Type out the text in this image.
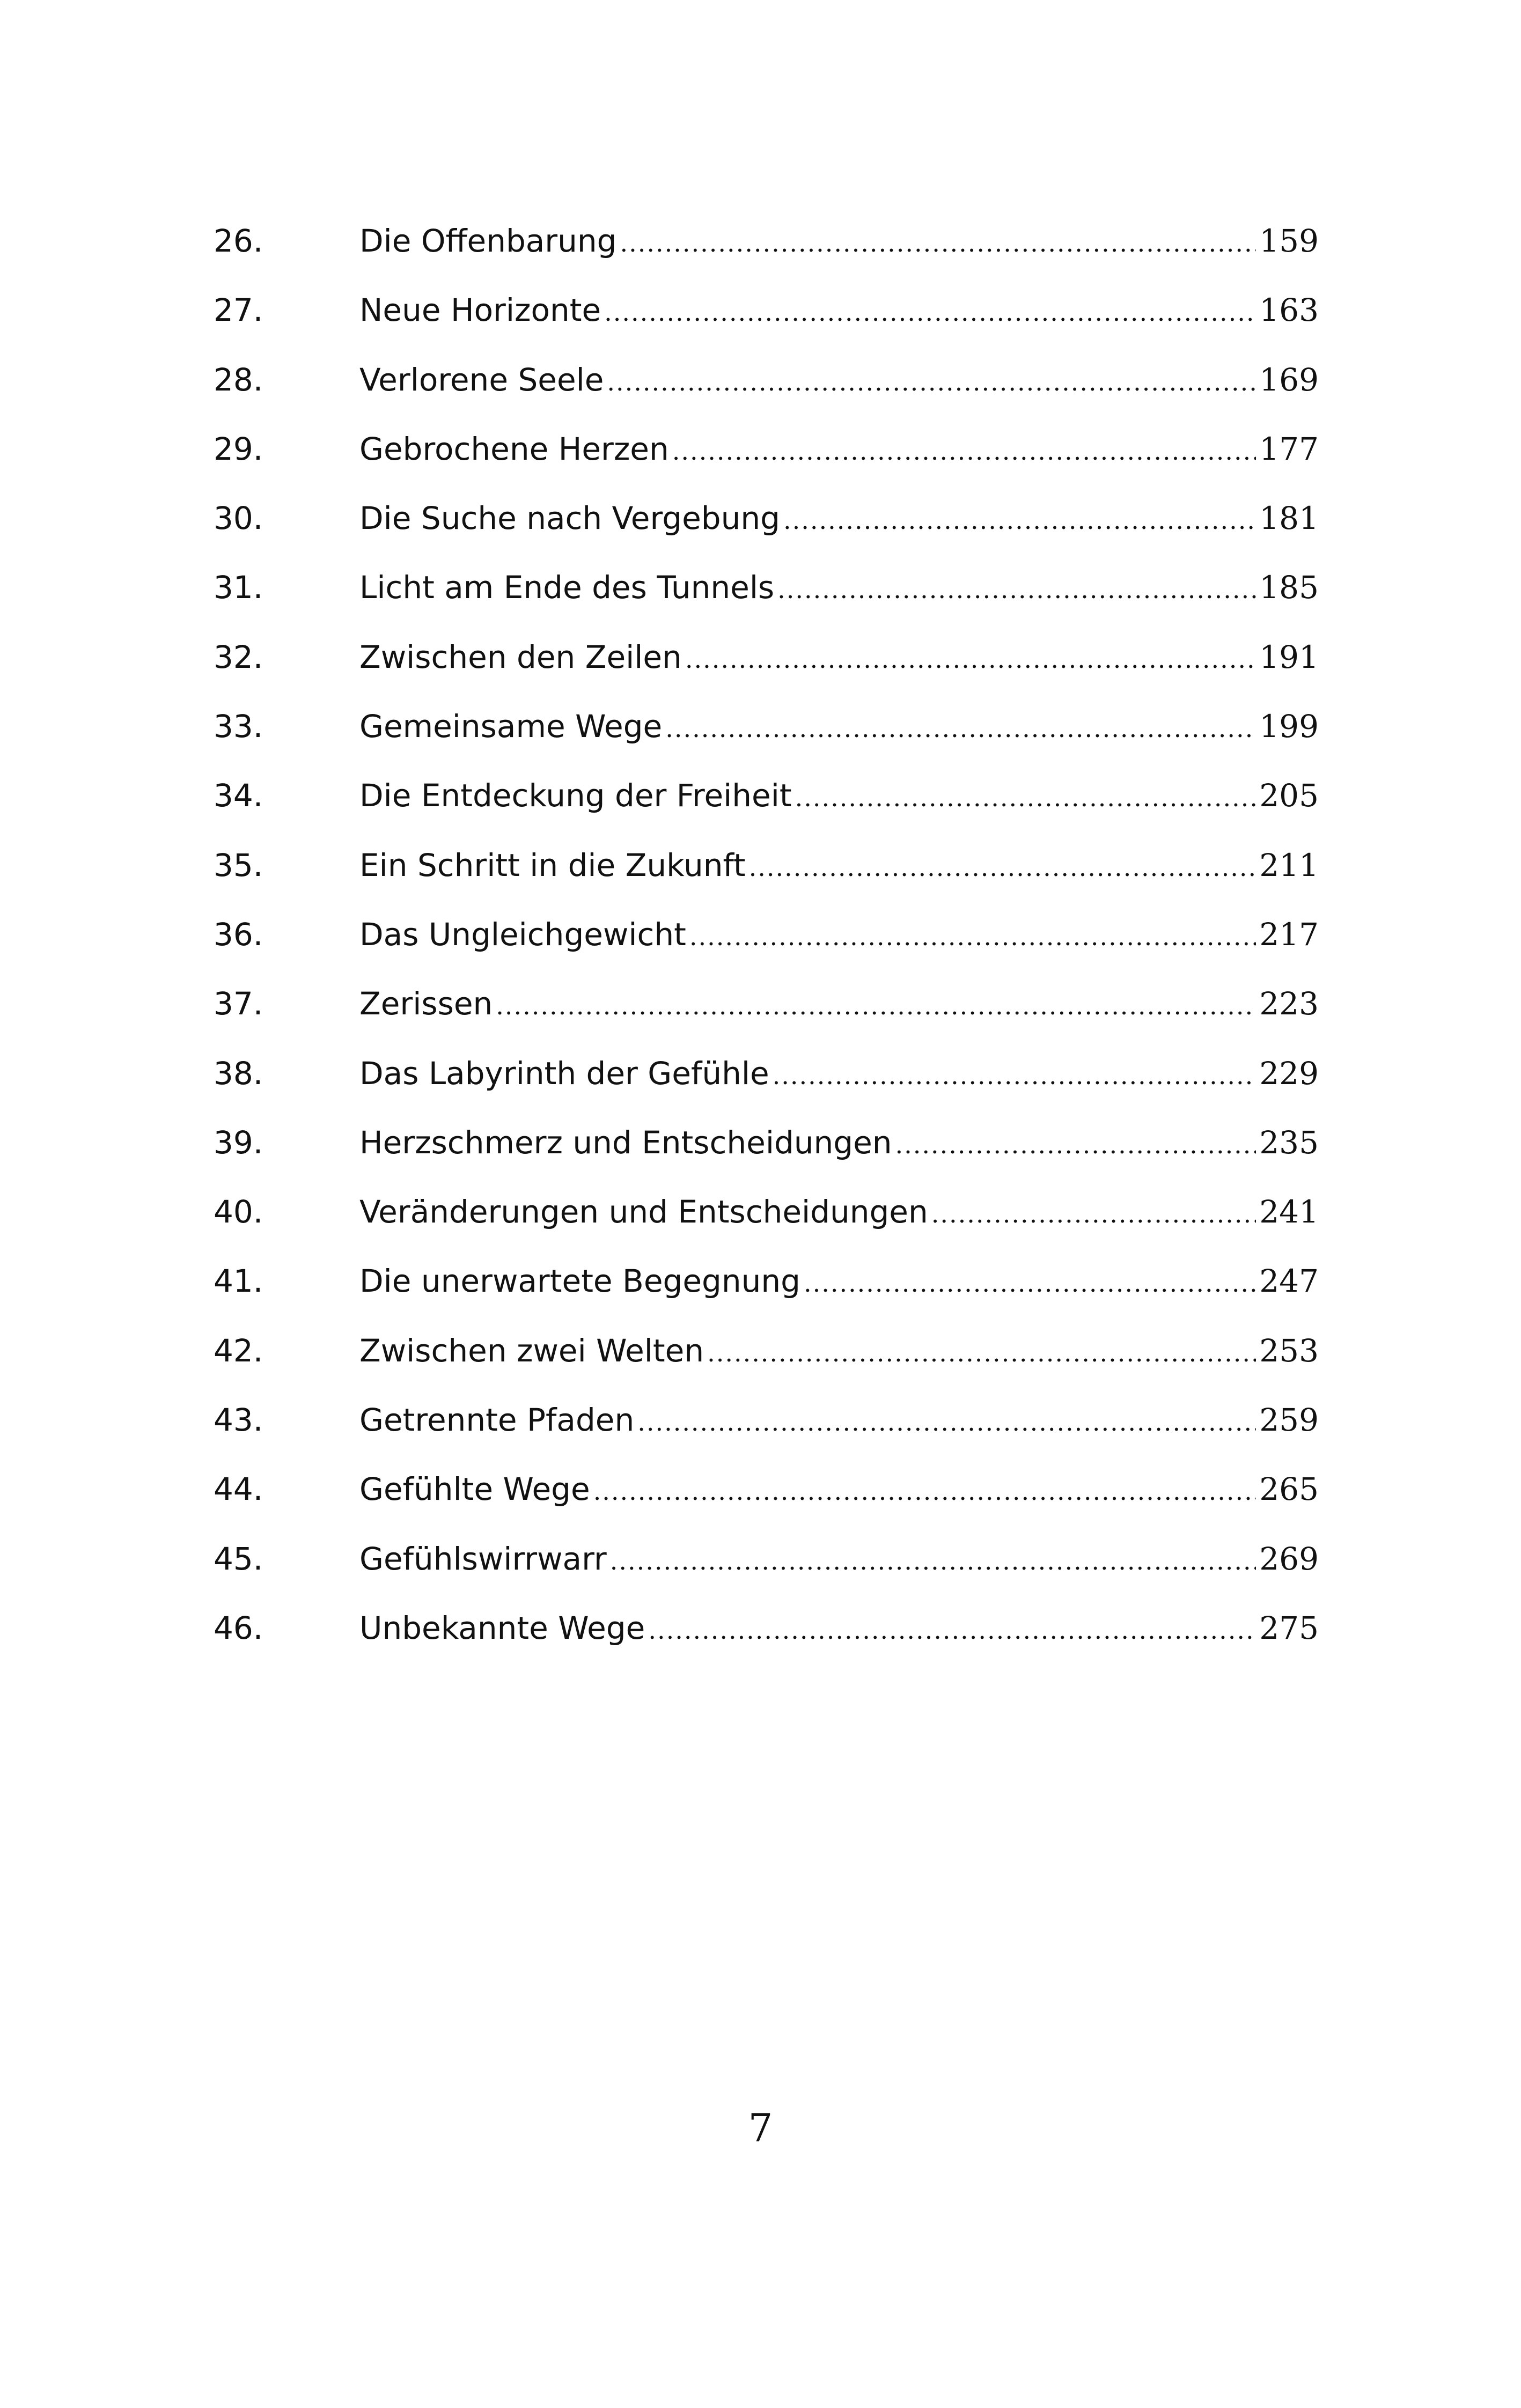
26.	Die Offenbarung .....	159
27.	Neue Horizonte .....	163
28.	Verlorene Seele .....	169
29.	Gebrochene Herzen .....	177
30.	Die Suche nach Vergebung .....	181
31.	Licht am Ende des Tunnels .....	185
32.	Zwischen den Zeilen .....	191
33.	Gemeinsame Wege .....	199
34.	Die Entdeckung der Freiheit .....	205
35.	Ein Schritt in die Zukunft .....	211
36.	Das Ungleichgewicht .....	217
37.	Zerissen .....	223
38.	Das Labyrinth der Gefühle .....	229
39.	Herzschmerz und Entscheidungen .....	235
40.	Veränderungen und Entscheidungen .....	241
41.	Die unerwartete Begegnung .....	247
42.	Zwischen zwei Welten .....	253
43.	Getrennte Pfaden .....	259
44.	Gefühlte Wege .....	265
45.	Gefühlswirrwarr .....	269
46.	Unbekannte Wege .....	275
7
